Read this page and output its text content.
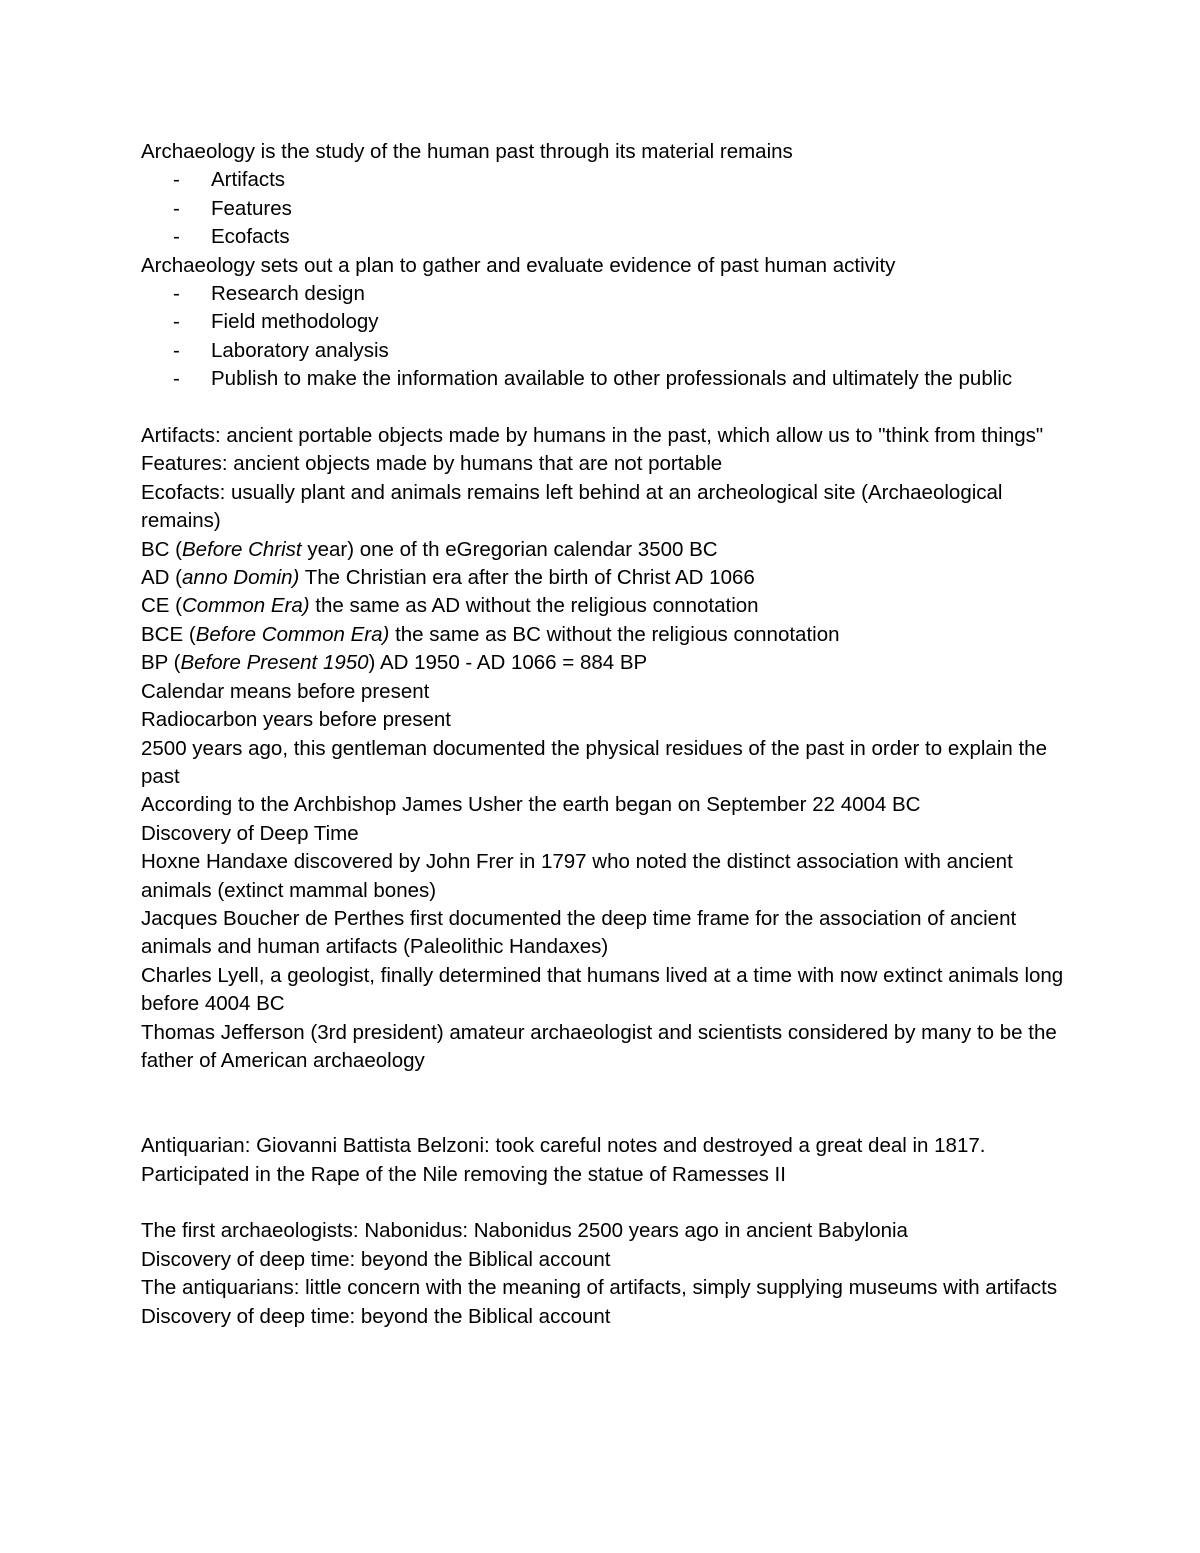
Archaeology is the study of the human past through its material remains

- Artifacts
- Features
- Ecofacts

Archaeology sets out a plan to gather and evaluate evidence of past human activity

- Research design
- Field methodology
- Laboratory analysis
- Publish to make the information available to other professionals and ultimately the public

Artifacts: ancient portable objects made by humans in the past, which allow us to "think from things"

Features: ancient objects made by humans that are not portable

Ecofacts: usually plant and animals remains left behind at an archeological site (Archaeological remains)

BC (Before Christ year) one of th eGregorian calendar 3500 BC

AD (anno Domin) The Christian era after the birth of Christ AD 1066

CE (Common Era) the same as AD without the religious connotation

BCE (Before Common Era) the same as BC without the religious connotation

BP (Before Present 1950) AD 1950 - AD 1066 = 884 BP

Calendar means before present

Radiocarbon years before present

2500 years ago, this gentleman documented the physical residues of the past in order to explain the past

According to the Archbishop James Usher the earth began on September 22 4004 BC

Discovery of Deep Time

Hoxne Handaxe discovered by John Frer in 1797 who noted the distinct association with ancient animals (extinct mammal bones)

Jacques Boucher de Perthes first documented the deep time frame for the association of ancient animals and human artifacts (Paleolithic Handaxes)

Charles Lyell, a geologist, finally determined that humans lived at a time with now extinct animals long before 4004 BC

Thomas Jefferson (3rd president) amateur archaeologist and scientists considered by many to be the father of American archaeology

Antiquarian: Giovanni Battista Belzoni: took careful notes and destroyed a great deal in 1817.

Participated in the Rape of the Nile removing the statue of Ramesses II

The first archaeologists: Nabonidus: Nabonidus 2500 years ago in ancient Babylonia

Discovery of deep time: beyond the Biblical account

The antiquarians: little concern with the meaning of artifacts, simply supplying museums with artifacts

Discovery of deep time: beyond the Biblical account
